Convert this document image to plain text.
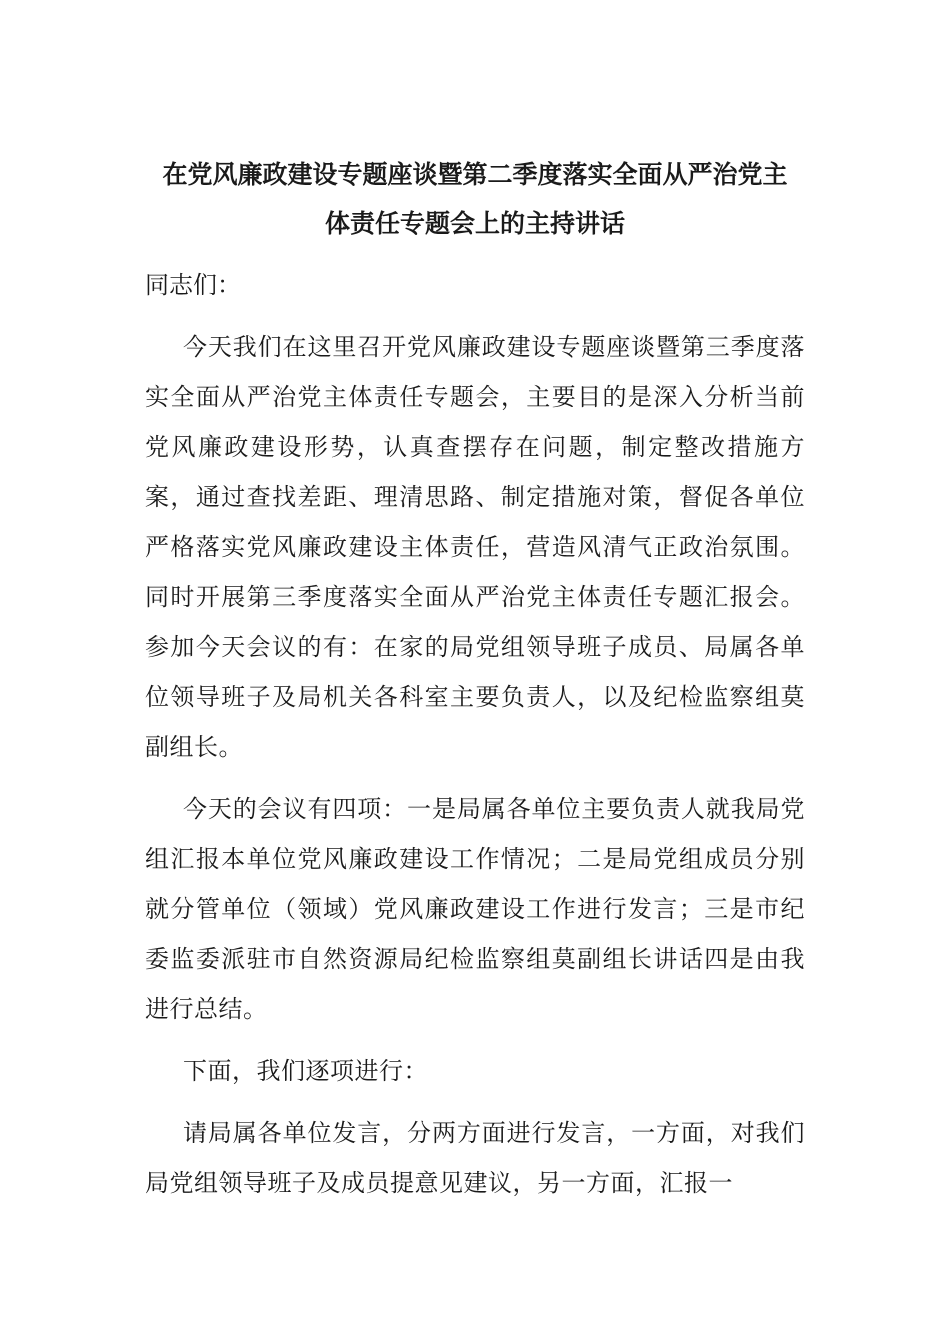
在党风廉政建设专题座谈暨第二季度落实全面从严治党主
体责任专题会上的主持讲话

同志们：

今天我们在这里召开党风廉政建设专题座谈暨第三季度落实全面从严治党主体责任专题会，主要目的是深入分析当前党风廉政建设形势，认真查摆存在问题，制定整改措施方案，通过查找差距、理清思路、制定措施对策，督促各单位严格落实党风廉政建设主体责任，营造风清气正政治氛围。同时开展第三季度落实全面从严治党主体责任专题汇报会。参加今天会议的有：在家的局党组领导班子成员、局属各单位领导班子及局机关各科室主要负责人，以及纪检监察组莫副组长。

今天的会议有四项：一是局属各单位主要负责人就我局党组汇报本单位党风廉政建设工作情况；二是局党组成员分别就分管单位（领域）党风廉政建设工作进行发言；三是市纪委监委派驻市自然资源局纪检监察组莫副组长讲话四是由我进行总结。

下面，我们逐项进行：

请局属各单位发言，分两方面进行发言，一方面，对我们局党组领导班子及成员提意见建议，另一方面，汇报一
